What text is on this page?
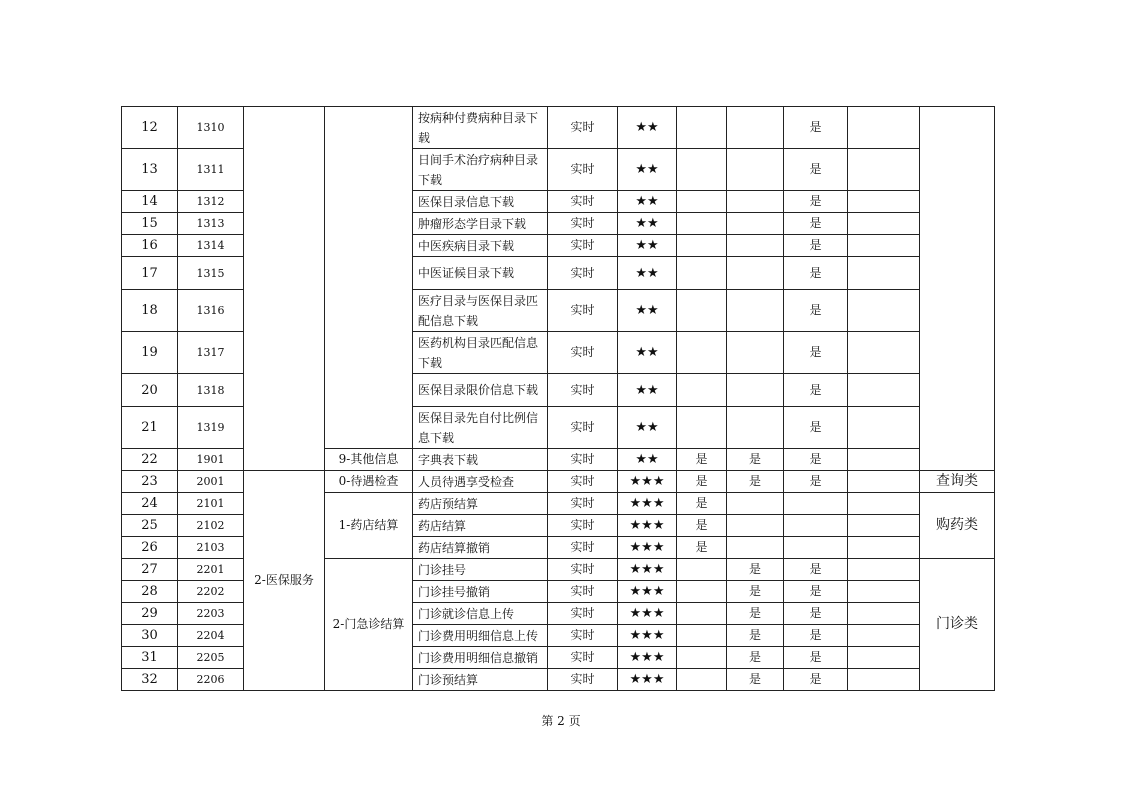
12	1310			按病种付费病种目录下载	实时	★★			是		
13	1311			日间手术治疗病种目录下载	实时	★★			是		
14	1312			医保目录信息下载	实时	★★			是		
15	1313			肿瘤形态学目录下载	实时	★★			是		
16	1314			中医疾病目录下载	实时	★★			是		
17	1315			中医证候目录下载	实时	★★			是		
18	1316			医疗目录与医保目录匹配信息下载	实时	★★			是		
19	1317			医药机构目录匹配信息下载	实时	★★			是		
20	1318			医保目录限价信息下载	实时	★★			是		
21	1319			医保目录先自付比例信息下载	实时	★★			是		
22	1901		9-其他信息	字典表下载	实时	★★	是	是	是		
23	2001	2-医保服务	0-待遇检查	人员待遇享受检查	实时	★★★	是	是	是		查询类
24	2101		1-药店结算	药店预结算	实时	★★★	是				购药类
25	2102			药店结算	实时	★★★	是				
26	2103			药店结算撤销	实时	★★★	是				
27	2201		2-门急诊结算	门诊挂号	实时	★★★		是	是		门诊类
28	2202			门诊挂号撤销	实时	★★★		是	是		
29	2203			门诊就诊信息上传	实时	★★★		是	是		
30	2204			门诊费用明细信息上传	实时	★★★		是	是		
31	2205			门诊费用明细信息撤销	实时	★★★		是	是		
32	2206			门诊预结算	实时	★★★		是	是		
第 2 页
